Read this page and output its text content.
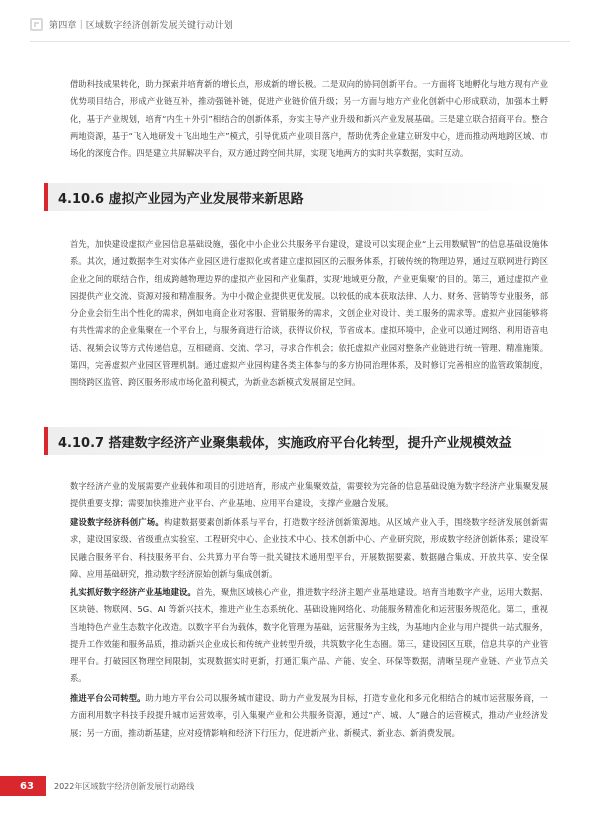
第四章｜区域数字经济创新发展关键行动计划

借助科技成果转化，助力探索并培育新的增长点，形成新的增长极。二是双向的协同创新平台。一方面将飞地孵化与地方现有产业优势项目结合，形成产业链互补，推动强链补链，促进产业链价值升级；另一方面与地方产业化创新中心形成联动，加强本土孵化，基于产业规划，培育“内生＋外引”相结合的创新体系，夯实主导产业升级和新兴产业发展基础。三是建立联合招商平台。整合两地资源，基于“飞入地研发＋飞出地生产”模式，引导优质产业项目落户，帮助优秀企业建立研发中心，进而推动两地跨区域、市场化的深度合作。四是建立共屏解决平台，双方通过跨空间共屏，实现飞地两方的实时共享数据，实时互动。

4.10.6 虚拟产业园为产业发展带来新思路

首先，加快建设虚拟产业园信息基础设施，强化中小企业公共服务平台建设，建设可以实现企业“上云用数赋智”的信息基础设施体系。其次，通过数据李生对实体产业园区进行虚拟化或者建立虚拟园区的云服务体系，打破传统的物理边界，通过互联网进行跨区企业之间的联结合作，组成跨越物理边界的虚拟产业园和产业集群，实现‘地域更分散，产业更集聚’的目的。第三，通过虚拟产业园提供产业交流、资源对接和精准服务。为中小微企业提供更优发展。以较低的成本获取法律、人力、财务、营销等专业服务，部分企业会衍生出个性化的需求，例如电商企业对客服、营销服务的需求，文创企业对设计、美工服务的需求等。虚拟产业园能够将有共性需求的企业集聚在一个平台上，与服务商进行洽谈，获得议价权，节省成本。虚拟环境中，企业可以通过网络、利用语音电话、视频会议等方式传递信息，互相磋商、交流、学习，寻求合作机会；依托虚拟产业园对整条产业链进行统一管理、精准施策。第四，完善虚拟产业园区管理机制。通过虚拟产业园构建各类主体参与的多方协同治理体系，及时修订完善相应的监管政策制度，围绕跨区监管、跨区服务形成市场化盈利模式，为新业态新模式发展留足空间。

4.10.7 搭建数字经济产业聚集载体，实施政府平台化转型，提升产业规模效益

数字经济产业的发展需要产业载体和项目的引进培育，形成产业集聚效益，需要较为完备的信息基础设施为数字经济产业集聚发展提供重要支撑；需要加快推进产业平台、产业基地、应用平台建设，支撑产业融合发展。

建设数字经济科创广场。构建数据要素创新体系与平台，打造数字经济创新策源地。从区域产业入手，围绕数字经济发展创新需求，建设国家级、省级重点实验室、工程研究中心、企业技术中心、技术创新中心、产业研究院，形成数字经济创新体系；建设军民融合服务平台、科技服务平台、公共算力平台等一批关键技术通用型平台，开展数据要素、数据融合集成、开放共享、安全保障、应用基础研究，推动数字经济原始创新与集成创新。

扎实抓好数字经济产业基地建设。首先，聚焦区域核心产业，推进数字经济主题产业基地建设。培育当地数字产业，运用大数据、区块链、物联网、5G、AI 等新兴技术，推进产业生态系统化、基础设施网络化、功能服务精准化和运营服务规范化。第二，重视当地特色产业生态数字化改造。以数字平台为载体，数字化管理为基础，运营服务为主线，为基地内企业与用户提供一站式服务，提升工作效能和服务品质，推动新兴企业成长和传统产业转型升级，共筑数字化生态圈。第三，建设园区互联，信息共享的产业管理平台。打破园区物理空间限制，实现数据实时更新，打通汇集产品、产能、安全、环保等数据，清晰呈现产业链、产业节点关系。

推进平台公司转型。助力地方平台公司以服务城市建设、助力产业发展为目标，打造专业化和多元化相结合的城市运营服务商，一方面利用数字科技手段提升城市运营效率，引入集聚产业和公共服务资源，通过“产、城、人”融合的运营模式，推动产业经济发展；另一方面，推动新基建，应对疫情影响和经济下行压力，促进新产业、新模式、新业态、新消费发展。

63	2022年区域数字经济创新发展行动路线
